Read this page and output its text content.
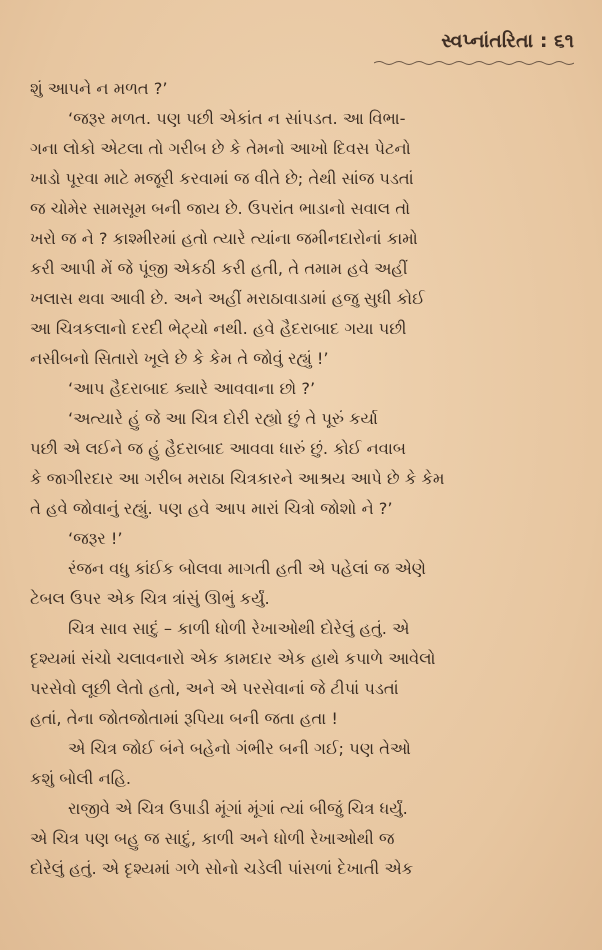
સ્વપ્નાંતરિતા : ૬૧
શું આપને ન મળત ?’
‘જરૂર મળત. પણ પછી એકાંત ન સાંપડત. આ વિભા-
ગના લોકો એટલા તો ગરીબ છે કે તેમનો આખો દિવસ પેટનો
ખાડો પૂરવા માટે મજૂરી કરવામાં જ વીતે છે; તેથી સાંજ પડતાં
જ ચોમેર સામસૂમ બની જાય છે. ઉપરાંત ભાડાનો સવાલ તો
ખરો જ ને ? કાશ્મીરમાં હતો ત્યારે ત્યાંના જમીનદારોનાં કામો
કરી આપી મેં જે પૂંજી એકઠી કરી હતી, તે તમામ હવે અહીં
ખલાસ થવા આવી છે. અને અહીં મરાઠાવાડામાં હજુ સુધી કોઈ
આ ચિત્રકલાનો દરદી ભેટ્યો નથી. હવે હૈદરાબાદ ગયા પછી
નસીબનો સિતારો ખૂલે છે કે કેમ તે જોવું રહ્યું !’
‘આપ હૈદરાબાદ ક્યારે આવવાના છો ?’
‘અત્યારે હું જે આ ચિત્ર દોરી રહ્યો છું તે પૂરું કર્યા
પછી એ લઈને જ હું હૈદરાબાદ આવવા ધારું છું. કોઈ નવાબ
કે જાગીરદાર આ ગરીબ મરાઠા ચિત્રકારને આશ્રય આપે છે કે કેમ
તે હવે જોવાનું રહ્યું. પણ હવે આપ મારાં ચિત્રો જોશો ને ?’
‘જરૂર !’
રંજન વધુ કાંઈક બોલવા માગતી હતી એ પહેલાં જ એણે
ટેબલ ઉપર એક ચિત્ર ત્રાંસું ઊભું કર્યું.
ચિત્ર સાવ સાદું – કાળી ધોળી રેખાઓથી દોરેલું હતું. એ
દૃશ્યમાં સંચો ચલાવનારો એક કામદાર એક હાથે કપાળે આવેલો
પરસેવો લૂછી લેતો હતો, અને એ પરસેવાનાં જે ટીપાં પડતાં
હતાં, તેના જોતજોતામાં રૂપિયા બની જતા હતા !
એ ચિત્ર જોઈ બંને બહેનો ગંભીર બની ગઈ; પણ તેઓ
કશું બોલી નહિ.
રાજીવે એ ચિત્ર ઉપાડી મૂંગાં મૂંગાં ત્યાં બીજું ચિત્ર ધર્યું.
એ ચિત્ર પણ બહુ જ સાદું, કાળી અને ધોળી રેખાઓથી જ
દોરેલું હતું. એ દૃશ્યમાં ગળે સોનો ચડેલી પાંસળાં દેખાતી એક
